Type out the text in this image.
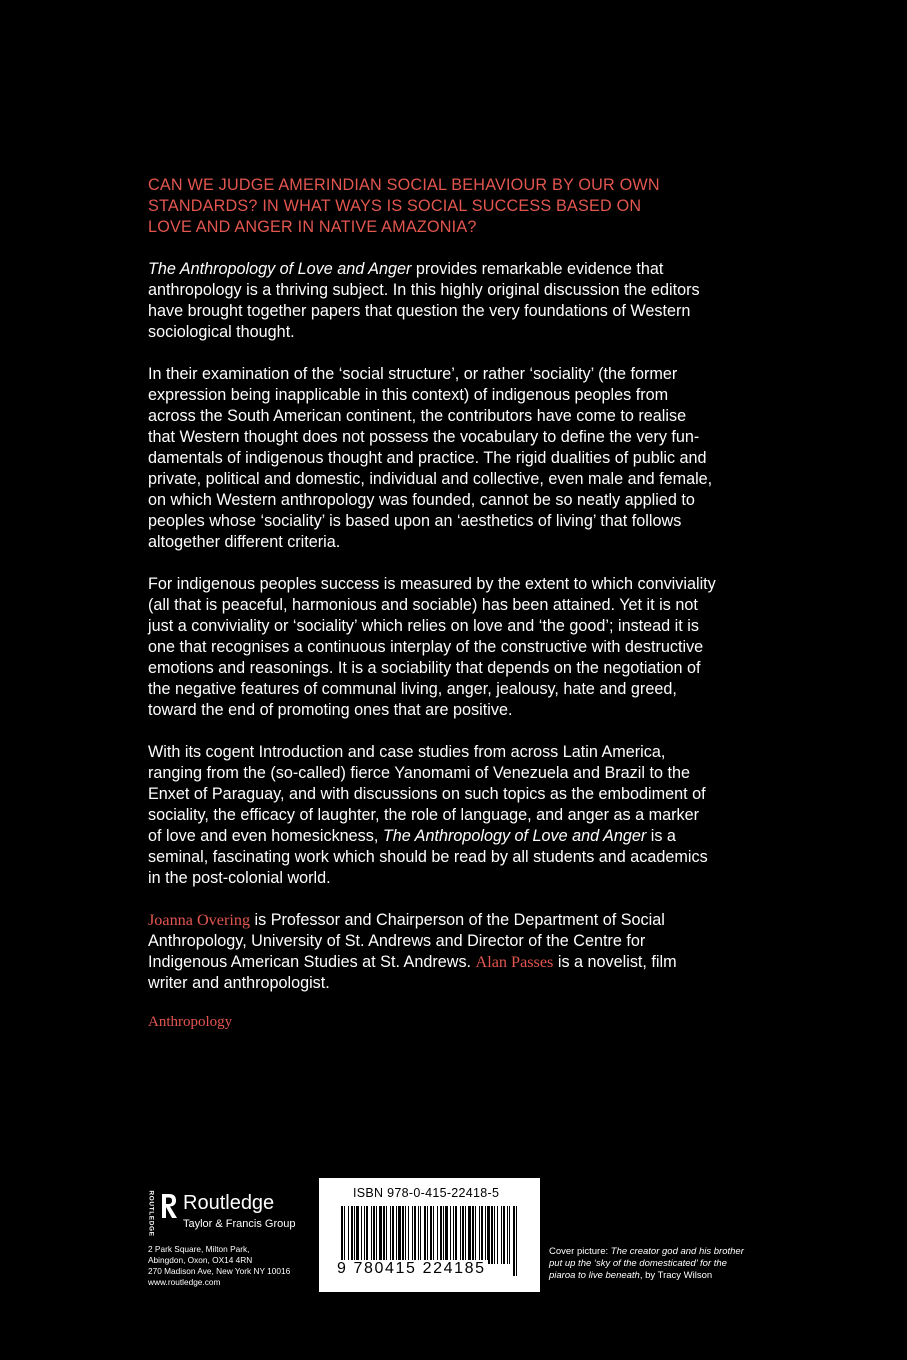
CAN WE JUDGE AMERINDIAN SOCIAL BEHAVIOUR BY OUR OWN
STANDARDS? IN WHAT WAYS IS SOCIAL SUCCESS BASED ON
LOVE AND ANGER IN NATIVE AMAZONIA?

The Anthropology of Love and Anger provides remarkable evidence that
anthropology is a thriving subject. In this highly original discussion the editors
have brought together papers that question the very foundations of Western
sociological thought.

In their examination of the ‘social structure’, or rather ‘sociality’ (the former
expression being inapplicable in this context) of indigenous peoples from
across the South American continent, the contributors have come to realise
that Western thought does not possess the vocabulary to define the very fun-
damentals of indigenous thought and practice. The rigid dualities of public and
private, political and domestic, individual and collective, even male and female,
on which Western anthropology was founded, cannot be so neatly applied to
peoples whose ‘sociality’ is based upon an ‘aesthetics of living’ that follows
altogether different criteria.

For indigenous peoples success is measured by the extent to which conviviality
(all that is peaceful, harmonious and sociable) has been attained. Yet it is not
just a conviviality or ‘sociality’ which relies on love and ‘the good’; instead it is
one that recognises a continuous interplay of the constructive with destructive
emotions and reasonings. It is a sociability that depends on the negotiation of
the negative features of communal living, anger, jealousy, hate and greed,
toward the end of promoting ones that are positive.

With its cogent Introduction and case studies from across Latin America,
ranging from the (so-called) fierce Yanomami of Venezuela and Brazil to the
Enxet of Paraguay, and with discussions on such topics as the embodiment of
sociality, the efficacy of laughter, the role of language, and anger as a marker
of love and even homesickness, The Anthropology of Love and Anger is a
seminal, fascinating work which should be read by all students and academics
in the post-colonial world.

Joanna Overing is Professor and Chairperson of the Department of Social
Anthropology, University of St. Andrews and Director of the Centre for
Indigenous American Studies at St. Andrews. Alan Passes is a novelist, film
writer and anthropologist.

Anthropology
ROUTLEDGE Routledge
Taylor & Francis Group
2 Park Square, Milton Park,
Abingdon, Oxon, OX14 4RN
270 Madison Ave, New York NY 10016
www.routledge.com
ISBN 978-0-415-22418-5
9 780415 224185
Cover picture: The creator god and his brother
put up the ‘sky of the domesticated’ for the
piaroa to live beneath, by Tracy Wilson
